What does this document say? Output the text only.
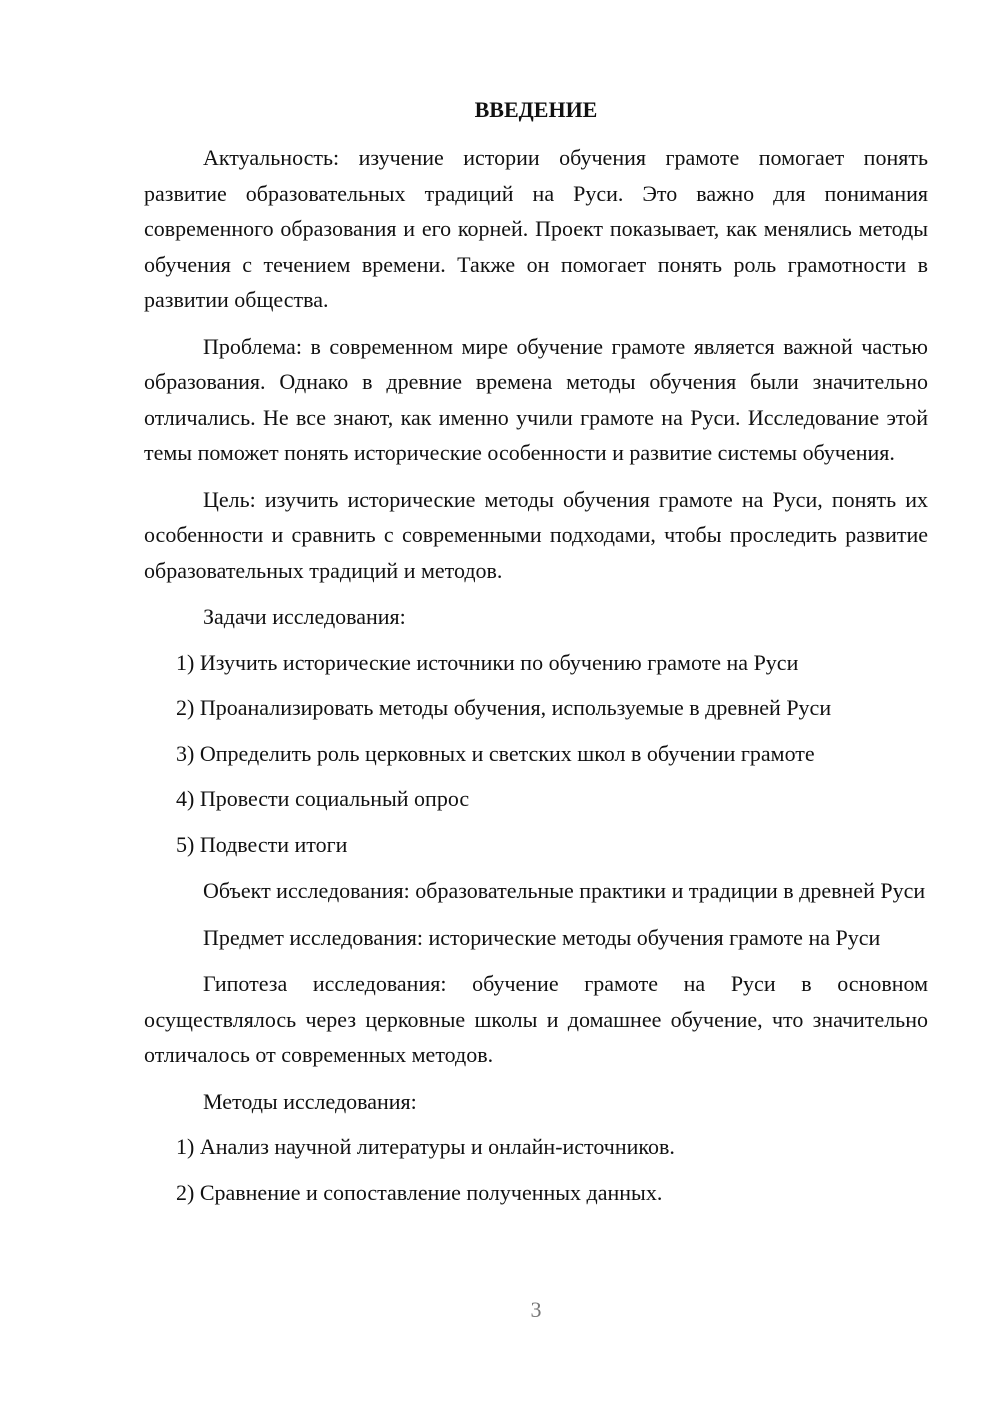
ВВЕДЕНИЕ

Актуальность: изучение истории обучения грамоте помогает понять развитие образовательных традиций на Руси. Это важно для понимания современного образования и его корней. Проект показывает, как менялись методы обучения с течением времени. Также он помогает понять роль грамотности в развитии общества.

Проблема: в современном мире обучение грамоте является важной частью образования. Однако в древние времена методы обучения были значительно отличались. Не все знают, как именно учили грамоте на Руси. Исследование этой темы поможет понять исторические особенности и развитие системы обучения.

Цель: изучить исторические методы обучения грамоте на Руси, понять их особенности и сравнить с современными подходами, чтобы проследить развитие образовательных традиций и методов.

Задачи исследования:

1) Изучить исторические источники по обучению грамоте на Руси
2) Проанализировать методы обучения, используемые в древней Руси
3) Определить роль церковных и светских школ в обучении грамоте
4) Провести социальный опрос
5) Подвести итоги

Объект исследования: образовательные практики и традиции в древней Руси

Предмет исследования: исторические методы обучения грамоте на Руси

Гипотеза исследования: обучение грамоте на Руси в основном осуществлялось через церковные школы и домашнее обучение, что значительно отличалось от современных методов.

Методы исследования:

1) Анализ научной литературы и онлайн-источников.
2) Сравнение и сопоставление полученных данных.
3
